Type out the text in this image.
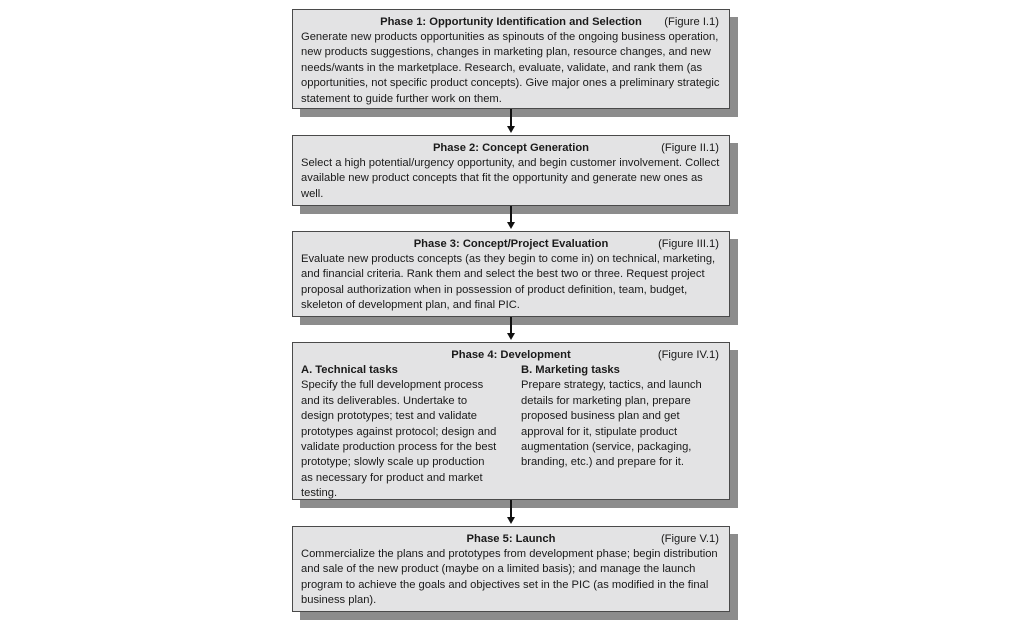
Phase 1: Opportunity Identification and Selection (Figure I.1)

Generate new products opportunities as spinouts of the ongoing business operation, new products suggestions, changes in marketing plan, resource changes, and new needs/wants in the marketplace. Research, evaluate, validate, and rank them (as opportunities, not specific product concepts). Give major ones a preliminary strategic statement to guide further work on them.

Phase 2: Concept Generation	(Figure II.1)

Select a high potential/urgency opportunity, and begin customer involvement. Collect available new product concepts that fit the opportunity and generate new ones as well.

Phase 3: Concept/Project Evaluation	(Figure III.1)

Evaluate new products concepts (as they begin to come in) on technical, marketing, and financial criteria. Rank them and select the best two or three. Request project proposal authorization when in possession of product definition, team, budget, skeleton of development plan, and final PIC.

Phase 4: Development	(Figure IV.1)
A. Technical tasks
Specify the full development process and its deliverables. Undertake to design prototypes; test and validate prototypes against protocol; design and validate production process for the best prototype; slowly scale up production as necessary for product and market testing.
B. Marketing tasks
Prepare strategy, tactics, and launch details for marketing plan, prepare proposed business plan and get approval for it, stipulate product augmentation (service, packaging, branding, etc.) and prepare for it.
Phase 5: Launch	(Figure V.1)

Commercialize the plans and prototypes from development phase; begin distribution and sale of the new product (maybe on a limited basis); and manage the launch program to achieve the goals and objectives set in the PIC (as modified in the final business plan).
